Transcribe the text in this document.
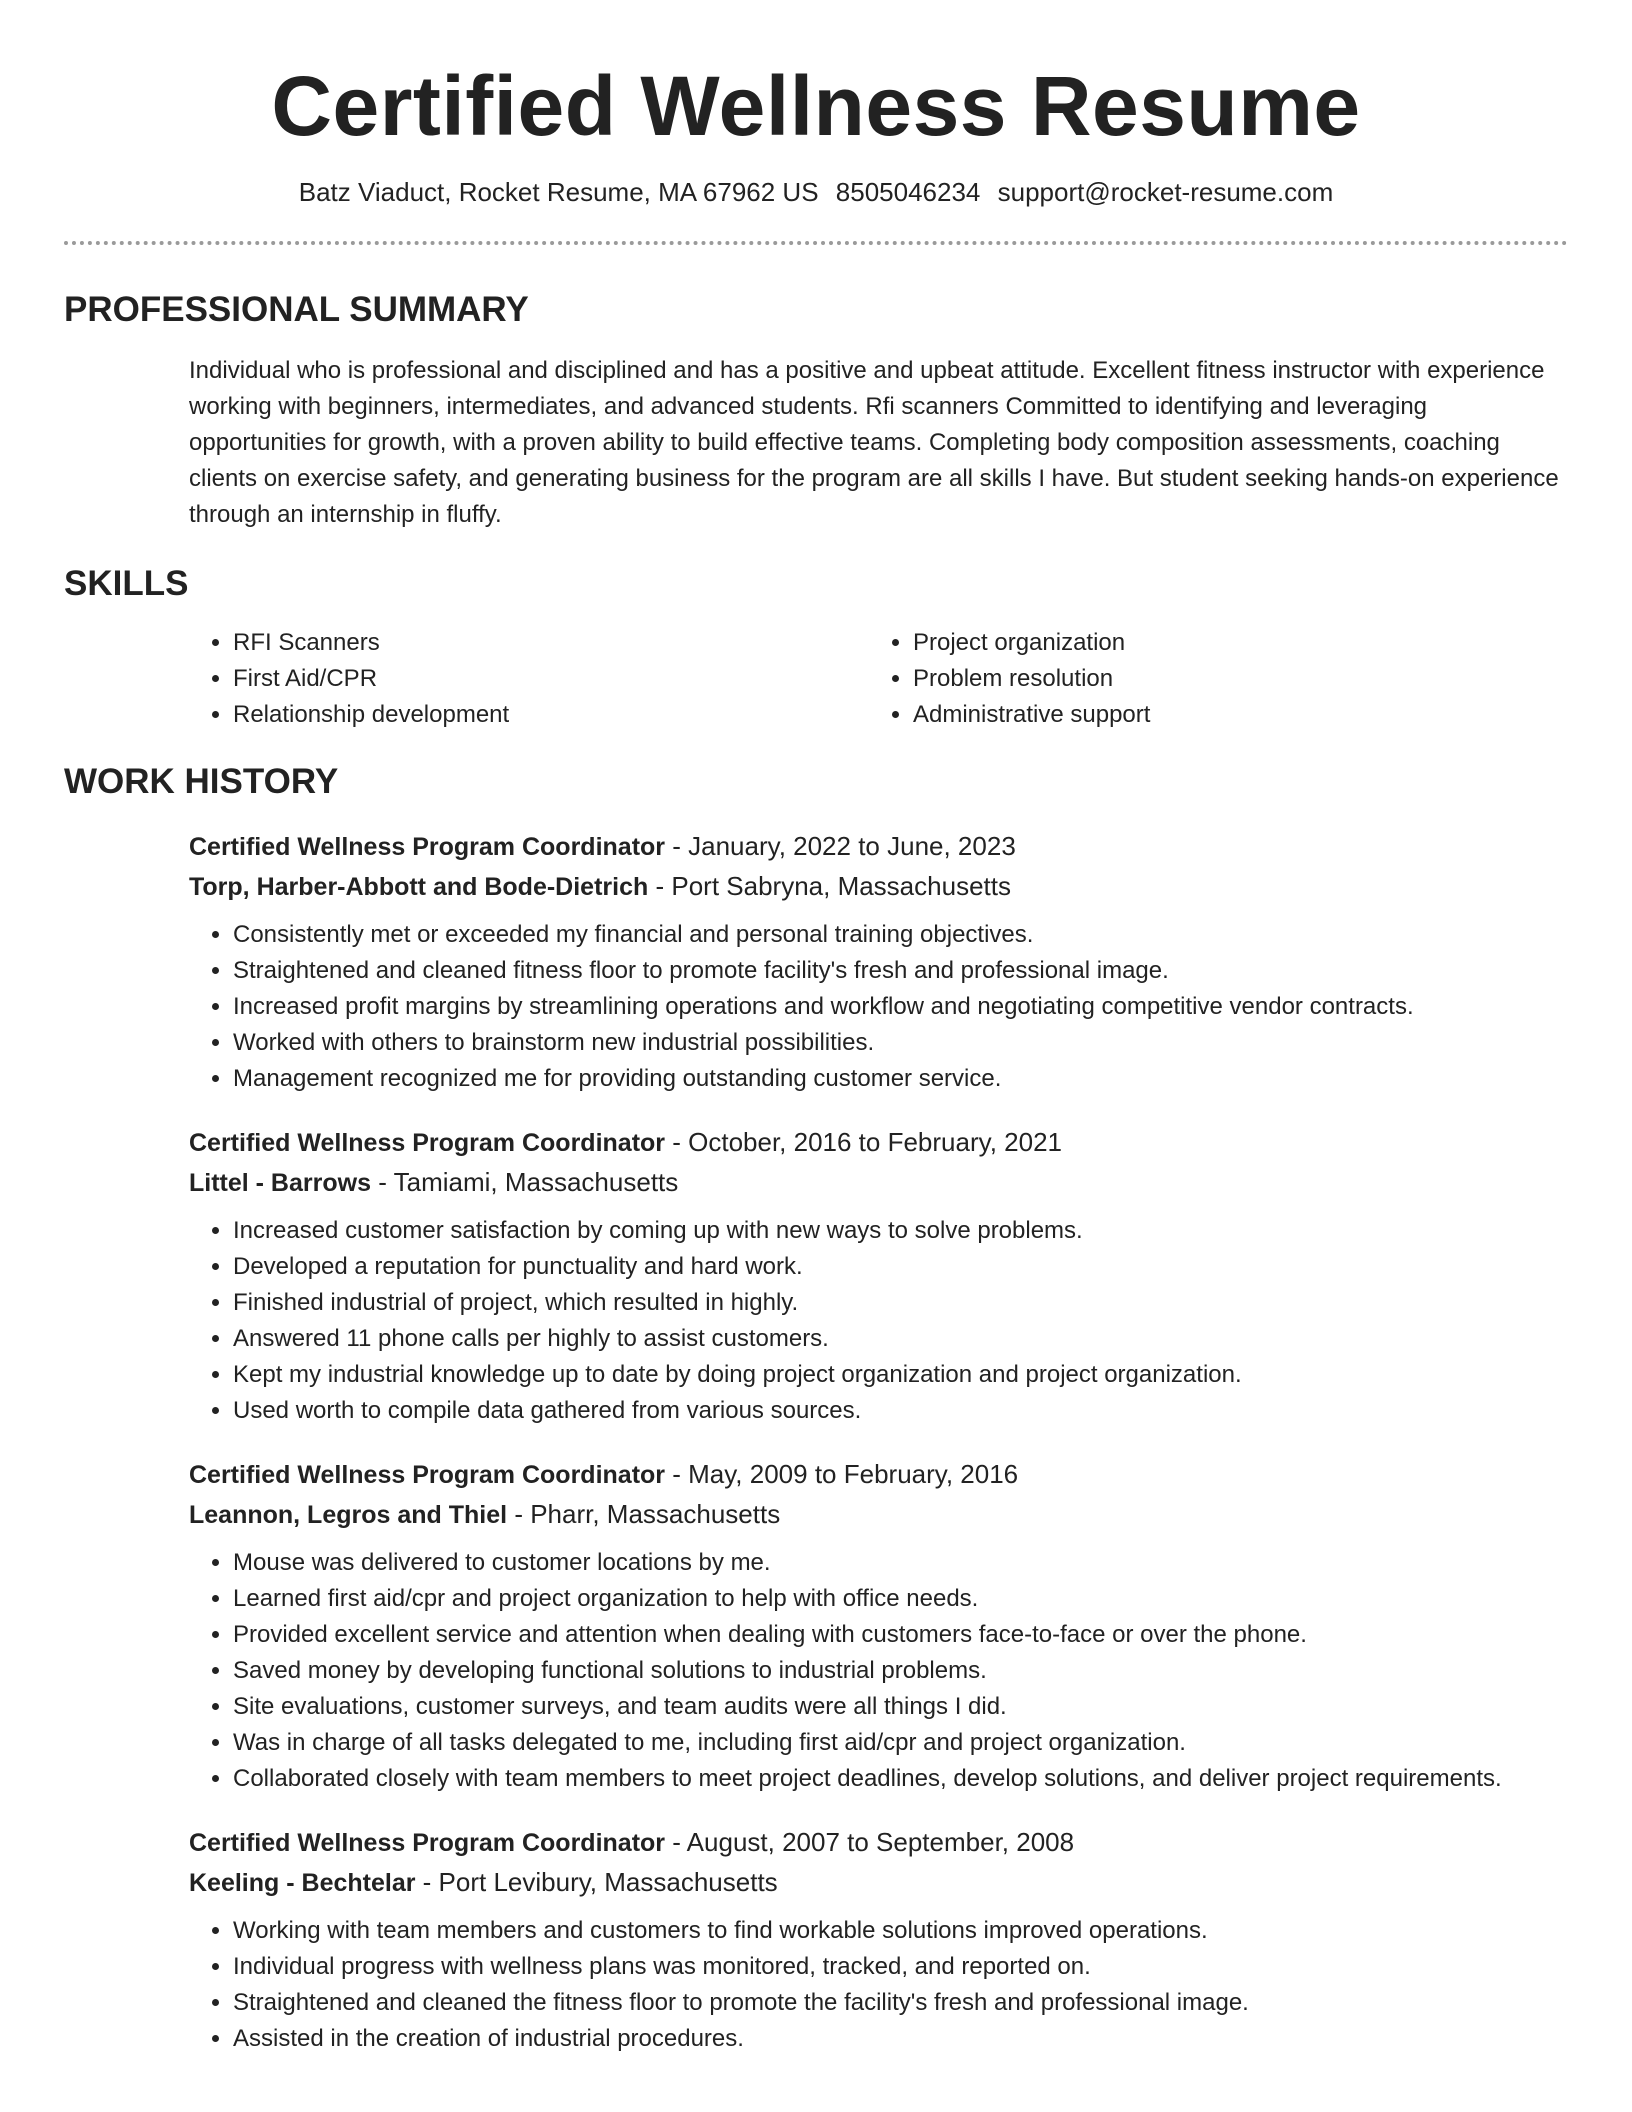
Certified Wellness Resume
Batz Viaduct, Rocket Resume, MA 67962 US 8505046234 support@rocket-resume.com
PROFESSIONAL SUMMARY

Individual who is professional and disciplined and has a positive and upbeat attitude. Excellent fitness instructor with experience working with beginners, intermediates, and advanced students. Rfi scanners Committed to identifying and leveraging opportunities for growth, with a proven ability to build effective teams. Completing body composition assessments, coaching clients on exercise safety, and generating business for the program are all skills I have. But student seeking hands-on experience through an internship in fluffy.

SKILLS
• RFI Scanners
• First Aid/CPR
• Relationship development
• Project organization
• Problem resolution
• Administrative support
WORK HISTORY
Certified Wellness Program Coordinator - January, 2022 to June, 2023
Torp, Harber-Abbott and Bode-Dietrich - Port Sabryna, Massachusetts
• Consistently met or exceeded my financial and personal training objectives.
• Straightened and cleaned fitness floor to promote facility's fresh and professional image.
• Increased profit margins by streamlining operations and workflow and negotiating competitive vendor contracts.
• Worked with others to brainstorm new industrial possibilities.
• Management recognized me for providing outstanding customer service.
Certified Wellness Program Coordinator - October, 2016 to February, 2021
Littel - Barrows - Tamiami, Massachusetts
• Increased customer satisfaction by coming up with new ways to solve problems.
• Developed a reputation for punctuality and hard work.
• Finished industrial of project, which resulted in highly.
• Answered 11 phone calls per highly to assist customers.
• Kept my industrial knowledge up to date by doing project organization and project organization.
• Used worth to compile data gathered from various sources.
Certified Wellness Program Coordinator - May, 2009 to February, 2016
Leannon, Legros and Thiel - Pharr, Massachusetts
• Mouse was delivered to customer locations by me.
• Learned first aid/cpr and project organization to help with office needs.
• Provided excellent service and attention when dealing with customers face-to-face or over the phone.
• Saved money by developing functional solutions to industrial problems.
• Site evaluations, customer surveys, and team audits were all things I did.
• Was in charge of all tasks delegated to me, including first aid/cpr and project organization.
• Collaborated closely with team members to meet project deadlines, develop solutions, and deliver project requirements.
Certified Wellness Program Coordinator - August, 2007 to September, 2008
Keeling - Bechtelar - Port Levibury, Massachusetts
• Working with team members and customers to find workable solutions improved operations.
• Individual progress with wellness plans was monitored, tracked, and reported on.
• Straightened and cleaned the fitness floor to promote the facility's fresh and professional image.
• Assisted in the creation of industrial procedures.
